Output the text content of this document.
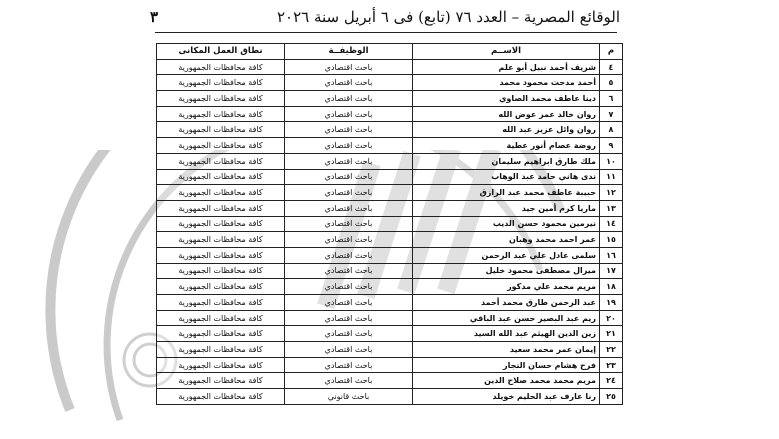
الوقائع المصرية – العدد ٧٦ (تابع) فى ٦ أبريل سنة ٢٠٢٦
٣
م	الاســم	الوظيفــة	نطاق العمل المكانى
٤	شريف أحمد نبيل أبو علم	باحث اقتصادي	كافة محافظات الجمهورية
٥	أحمد مدحت محمود محمد	باحث اقتصادي	كافة محافظات الجمهورية
٦	دينا عاطف محمد الصاوي	باحث اقتصادي	كافة محافظات الجمهورية
٧	روان خالد عمر عوض الله	باحث اقتصادي	كافة محافظات الجمهورية
٨	روان وائل عزيز عبد الله	باحث اقتصادي	كافة محافظات الجمهورية
٩	روضة عصام أنور عطية	باحث اقتصادي	كافة محافظات الجمهورية
١٠	ملك طارق ابراهيم سليمان	باحث اقتصادي	كافة محافظات الجمهورية
١١	ندى هاني حامد عبد الوهاب	باحث اقتصادي	كافة محافظات الجمهورية
١٢	حبيبة عاطف محمد عبد الرازق	باحث اقتصادي	كافة محافظات الجمهورية
١٣	ماريا كرم أمين جيد	باحث اقتصادي	كافة محافظات الجمهورية
١٤	نيرمين محمود حسن الديب	باحث اقتصادي	كافة محافظات الجمهورية
١٥	عمر احمد محمد وهبان	باحث اقتصادي	كافة محافظات الجمهورية
١٦	سلمى عادل علي عبد الرحمن	باحث اقتصادي	كافة محافظات الجمهورية
١٧	ميرال مصطفى محمود خليل	باحث اقتصادي	كافة محافظات الجمهورية
١٨	مريم محمد علي مدكور	باحث اقتصادي	كافة محافظات الجمهورية
١٩	عبد الرحمن طارق محمد أحمد	باحث اقتصادي	كافة محافظات الجمهورية
٢٠	ريم عبد البصير حسن عبد الباقي	باحث اقتصادي	كافة محافظات الجمهورية
٢١	زين الدين الهيثم عبد الله السيد	باحث اقتصادي	كافة محافظات الجمهورية
٢٢	إيمان عمر محمد سعيد	باحث اقتصادي	كافة محافظات الجمهورية
٢٣	فرح هشام حسان النجار	باحث اقتصادي	كافة محافظات الجمهورية
٢٤	مريم محمد محمد صلاح الدين	باحث اقتصادي	كافة محافظات الجمهورية
٢٥	رنا عارف عبد الحليم خويلد	باحث قانوني	كافة محافظات الجمهورية
